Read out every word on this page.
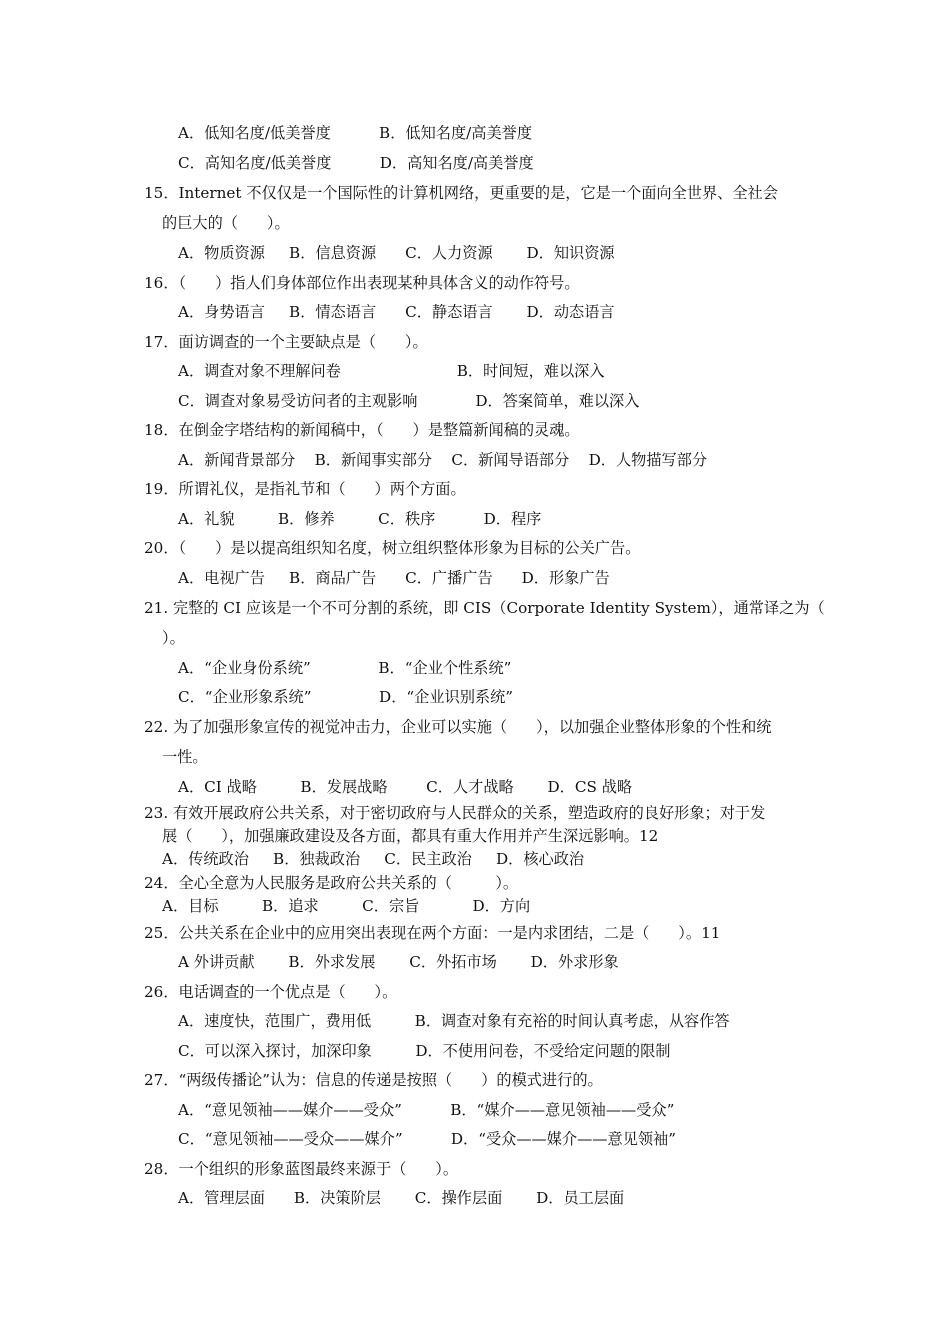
A．低知名度/低美誉度          B．低知名度/高美誉度
C．高知名度/低美誉度          D．高知名度/高美誉度
15．Internet 不仅仅是一个国际性的计算机网络，更重要的是，它是一个面向全世界、全社会
的巨大的（      ）。
A．物质资源     B．信息资源      C．人力资源       D．知识资源
16．（      ）指人们身体部位作出表现某种具体含义的动作符号。
A．身势语言     B．情态语言      C．静态语言       D．动态语言
17．面访调查的一个主要缺点是（      ）。
A．调查对象不理解问卷                        B．时间短，难以深入
C．调查对象易受访问者的主观影响            D．答案简单，难以深入
18．在倒金字塔结构的新闻稿中，（      ）是整篇新闻稿的灵魂。
A．新闻背景部分    B．新闻事实部分    C．新闻导语部分    D．人物描写部分
19．所谓礼仪，是指礼节和（      ）两个方面。
A．礼貌         B．修养         C．秩序          D．程序
20．（      ）是以提高组织知名度，树立组织整体形象为目标的公关广告。
A．电视广告     B．商品广告      C．广播广告      D．形象广告
21. 完整的 CI 应该是一个不可分割的系统，即 CIS（Corporate Identity System），通常译之为（
）。
A．“企业身份系统”              B．“企业个性系统”
C．“企业形象系统”              D．“企业识别系统”
22. 为了加强形象宣传的视觉冲击力，企业可以实施（      ），以加强企业整体形象的个性和统
一性。
A．CI 战略         B．发展战略        C．人才战略       D．CS 战略
23. 有效开展政府公共关系，对于密切政府与人民群众的关系，塑造政府的良好形象；对于发
展（      ），加强廉政建设及各方面，都具有重大作用并产生深远影响。12
A．传统政治     B．独裁政治     C．民主政治     D．核心政治
24．全心全意为人民服务是政府公共关系的（         ）。
A．目标         B．追求         C．宗旨           D．方向
25．公共关系在企业中的应用突出表现在两个方面：一是内求团结，二是（      ）。11
A 外讲贡献       B．外求发展       C．外拓市场       D．外求形象
26．电话调查的一个优点是（      ）。
A．速度快，范围广，费用低         B．调查对象有充裕的时间认真考虑，从容作答
C．可以深入探讨，加深印象         D．不使用问卷，不受给定问题的限制
27．“两级传播论”认为：信息的传递是按照（      ）的模式进行的。
A．“意见领袖——媒介——受众”          B．“媒介——意见领袖——受众”
C．“意见领袖——受众——媒介”          D．“受众——媒介——意见领袖”
28．一个组织的形象蓝图最终来源于（      ）。
A．管理层面      B．决策阶层       C．操作层面       D．员工层面
